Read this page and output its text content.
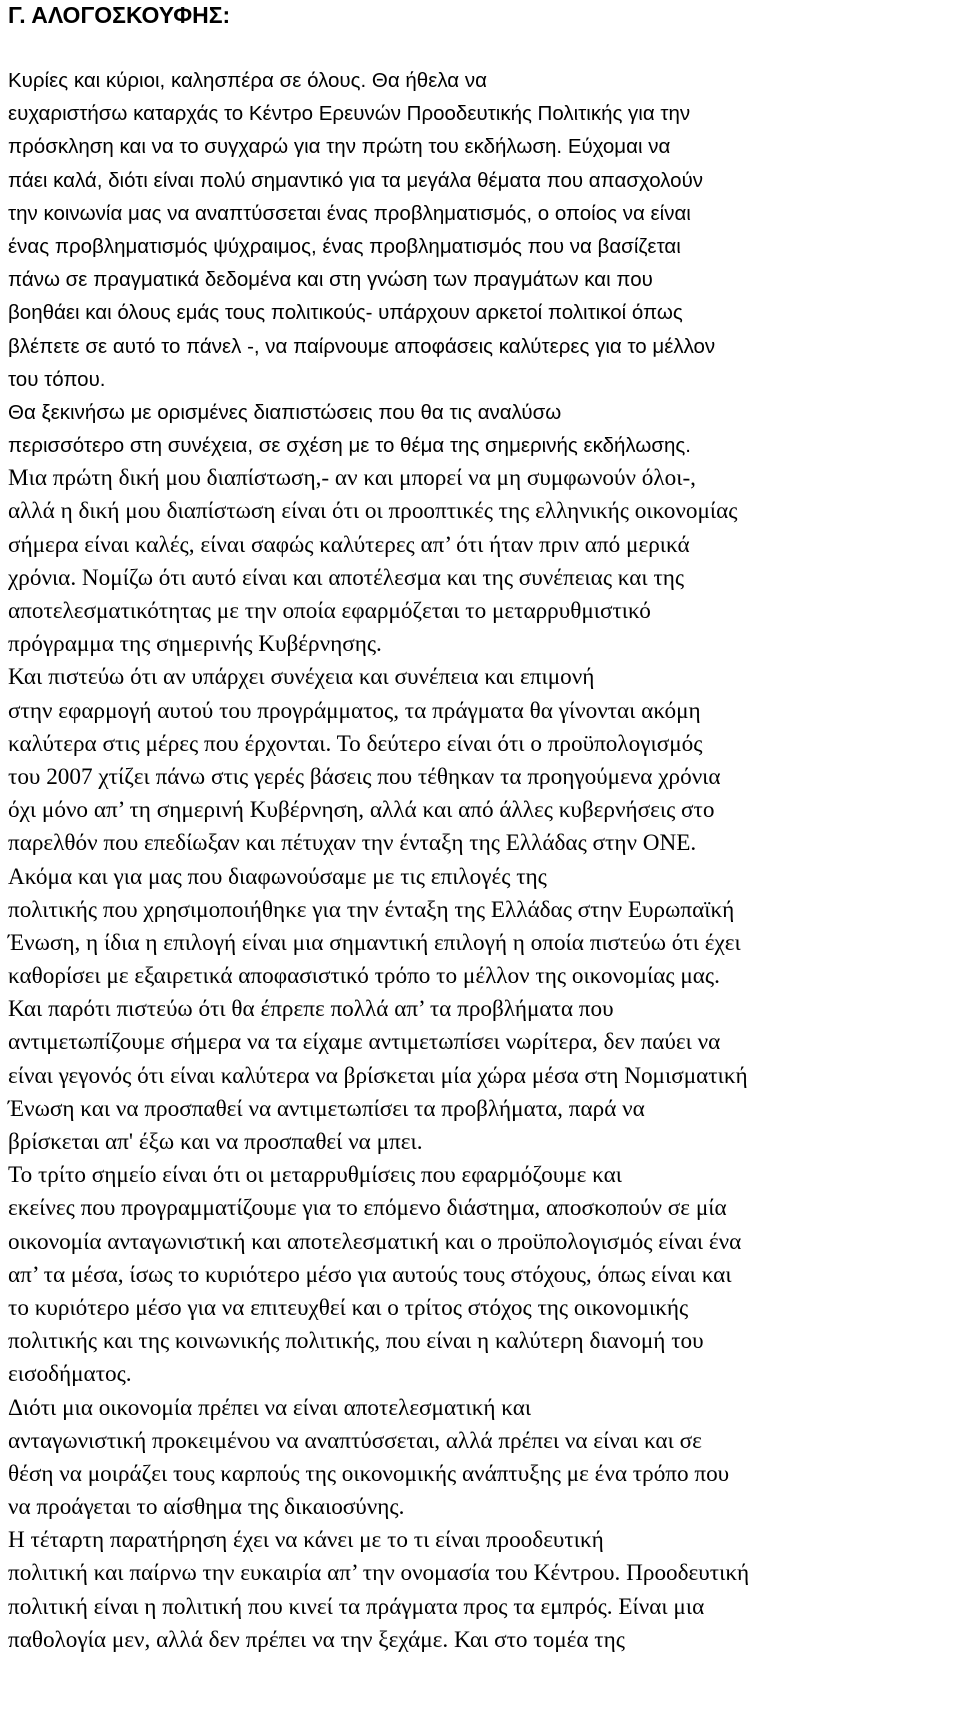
Γ. ΑΛΟΓΟΣΚΟΥΦΗΣ:
Κυρίες και κύριοι, καλησπέρα σε όλους. Θα ήθελα να
ευχαριστήσω καταρχάς το Κέντρο Ερευνών Προοδευτικής Πολιτικής για την
πρόσκληση και να το συγχαρώ για την πρώτη του εκδήλωση. Εύχομαι να
πάει καλά, διότι είναι πολύ σημαντικό για τα μεγάλα θέματα που απασχολούν
την κοινωνία μας να αναπτύσσεται ένας προβληματισμός, ο οποίος να είναι
ένας προβληματισμός ψύχραιμος, ένας προβληματισμός που να βασίζεται
πάνω σε πραγματικά δεδομένα και στη γνώση των πραγμάτων και που
βοηθάει και όλους εμάς τους πολιτικούς- υπάρχουν αρκετοί πολιτικοί όπως
βλέπετε σε αυτό το πάνελ -, να παίρνουμε αποφάσεις καλύτερες για το μέλλον
του τόπου.
Θα ξεκινήσω με ορισμένες διαπιστώσεις που θα τις αναλύσω
περισσότερο στη συνέχεια, σε σχέση με το θέμα της σημερινής εκδήλωσης.
Μια πρώτη δική μου διαπίστωση,- αν και μπορεί να μη συμφωνούν όλοι-,
αλλά η δική μου διαπίστωση είναι ότι οι προοπτικές της ελληνικής οικονομίας
σήμερα είναι καλές, είναι σαφώς καλύτερες απ’ ότι ήταν πριν από μερικά
χρόνια. Νομίζω ότι αυτό είναι και αποτέλεσμα και της συνέπειας και της
αποτελεσματικότητας με την οποία εφαρμόζεται το μεταρρυθμιστικό
πρόγραμμα της σημερινής Κυβέρνησης.
Και πιστεύω ότι αν υπάρχει συνέχεια και συνέπεια και επιμονή
στην εφαρμογή αυτού του προγράμματος, τα πράγματα θα γίνονται ακόμη
καλύτερα στις μέρες που έρχονται. Το δεύτερο είναι ότι ο προϋπολογισμός
του 2007 χτίζει πάνω στις γερές βάσεις που τέθηκαν τα προηγούμενα χρόνια
όχι μόνο απ’ τη σημερινή Κυβέρνηση, αλλά και από άλλες κυβερνήσεις στο
παρελθόν που επεδίωξαν και πέτυχαν την ένταξη της Ελλάδας στην ΟΝΕ.
Ακόμα και για μας που διαφωνούσαμε με τις επιλογές της
πολιτικής που χρησιμοποιήθηκε για την ένταξη της Ελλάδας στην Ευρωπαϊκή
Ένωση, η ίδια η επιλογή είναι μια σημαντική επιλογή η οποία πιστεύω ότι έχει
καθορίσει με εξαιρετικά αποφασιστικό τρόπο το μέλλον της οικονομίας μας.
Και παρότι πιστεύω ότι θα έπρεπε πολλά απ’ τα προβλήματα που
αντιμετωπίζουμε σήμερα να τα είχαμε αντιμετωπίσει νωρίτερα, δεν παύει να
είναι γεγονός ότι είναι καλύτερα να βρίσκεται μία χώρα μέσα στη Νομισματική
Ένωση και να προσπαθεί να αντιμετωπίσει τα προβλήματα, παρά να
βρίσκεται απ' έξω και να προσπαθεί να μπει.
Το τρίτο σημείο είναι ότι οι μεταρρυθμίσεις που εφαρμόζουμε και
εκείνες που προγραμματίζουμε για το επόμενο διάστημα, αποσκοπούν σε μία
οικονομία ανταγωνιστική και αποτελεσματική και ο προϋπολογισμός είναι ένα
απ’ τα μέσα, ίσως το κυριότερο μέσο για αυτούς τους στόχους, όπως είναι και
το κυριότερο μέσο για να επιτευχθεί και ο τρίτος στόχος της οικονομικής
πολιτικής και της κοινωνικής πολιτικής, που είναι η καλύτερη διανομή του
εισοδήματος.
Διότι μια οικονομία πρέπει να είναι αποτελεσματική και
ανταγωνιστική προκειμένου να αναπτύσσεται, αλλά πρέπει να είναι και σε
θέση να μοιράζει τους καρπούς της οικονομικής ανάπτυξης με ένα τρόπο που
να προάγεται το αίσθημα της δικαιοσύνης.
Η τέταρτη παρατήρηση έχει να κάνει με το τι είναι προοδευτική
πολιτική και παίρνω την ευκαιρία απ’ την ονομασία του Κέντρου. Προοδευτική
πολιτική είναι η πολιτική που κινεί τα πράγματα προς τα εμπρός. Είναι μια
παθολογία μεν, αλλά δεν πρέπει να την ξεχάμε. Και στο τομέα της
